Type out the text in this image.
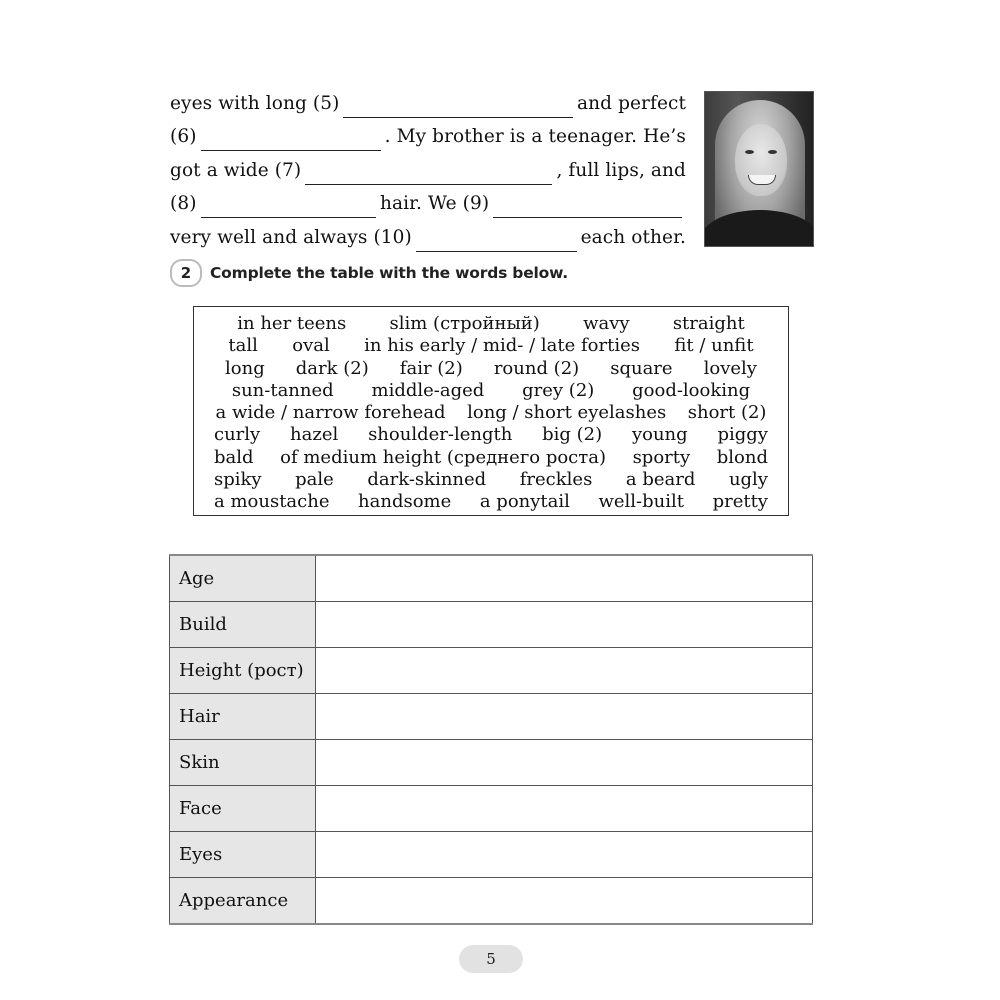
eyes with long (5)	and perfect
(6)	. My brother is a teenager. He’s
got a wide (7)	, full lips, and
(8)	hair. We (9)
very well and always (10)	each other.
2	Complete the table with the words below.
in her teens slim (стройный) wavy straight
tall oval in his early / mid- / late forties fit / unfit
long dark (2) fair (2) round (2) square lovely
sun-tanned middle-aged grey (2) good-looking
a wide / narrow forehead long / short eyelashes short (2)
curly hazel shoulder-length big (2) young piggy
bald of medium height (среднего роста) sporty blond
spiky pale dark-skinned freckles a beard ugly
a moustache handsome a ponytail well-built pretty
Age	
Build	
Height (рост)	
Hair	
Skin	
Face	
Eyes	
Appearance	
5
